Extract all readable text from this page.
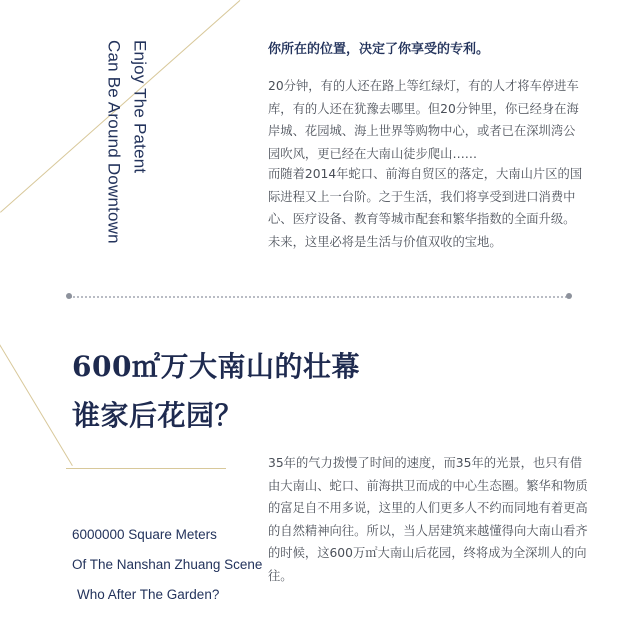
Enjoy The Patent
Can Be Around Downtown	你所在的位置，决定了你享受的专利。

20分钟，有的人还在路上等红绿灯，有的人才将车停进车库，有的人还在犹豫去哪里。但20分钟里，你已经身在海岸城、花园城、海上世界等购物中心，或者已在深圳湾公园吹风，更已经在大南山徒步爬山……

而随着2014年蛇口、前海自贸区的落定，大南山片区的国际进程又上一台阶。之于生活，我们将享受到进口消费中心、医疗设备、教育等城市配套和繁华指数的全面升级。未来，这里必将是生活与价值双收的宝地。

600㎡万大南山的壮幕
谁家后花园？

35年的气力拨慢了时间的速度，而35年的光景，也只有借由大南山、蛇口、前海拱卫而成的中心生态圈。繁华和物质的富足自不用多说，这里的人们更多人不约而同地有着更高的自然精神向往。所以，当人居建筑来越懂得向大南山看齐的时候，这600万㎡大南山后花园，终将成为全深圳人的向往。

6000000 Square Meters
Of The Nanshan Zhuang Scene
Who After The Garden?
